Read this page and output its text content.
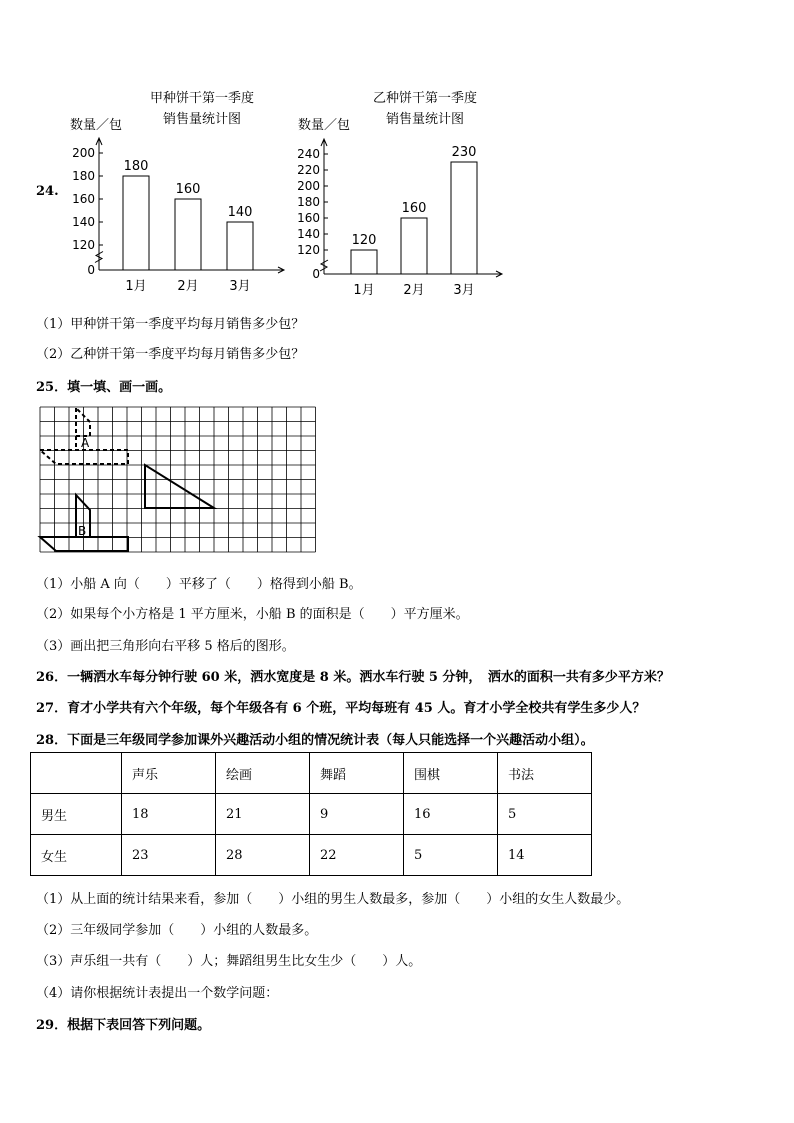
24.
甲种饼干第一季度
销售量统计图
数量／包
200
180
160
140
120
0
180
1月
160
2月
140
3月
乙种饼干第一季度
销售量统计图
数量／包
240
220
200
180
160
140
120
0
120
1月
160
2月
230
3月
（1）甲种饼干第一季度平均每月销售多少包？
（2）乙种饼干第一季度平均每月销售多少包？
25．填一填、画一画。
A
B
（1）小船 A 向（　　）平移了（　　）格得到小船 B。
（2）如果每个小方格是 1 平方厘米，小船 B 的面积是（　　）平方厘米。
（3）画出把三角形向右平移 5 格后的图形。
26．一辆洒水车每分钟行驶 60 米，洒水宽度是 8 米。洒水车行驶 5 分钟，　洒水的面积一共有多少平方米？
27．育才小学共有六个年级，每个年级各有 6 个班，平均每班有 45 人。育才小学全校共有学生多少人？
28．下面是三年级同学参加课外兴趣活动小组的情况统计表（每人只能选择一个兴趣活动小组）。
	声乐	绘画	舞蹈	围棋	书法
男生	18	21	9	16	5
女生	23	28	22	5	14
（1）从上面的统计结果来看，参加（　　）小组的男生人数最多，参加（　　）小组的女生人数最少。
（2）三年级同学参加（　　）小组的人数最多。
（3）声乐组一共有（　　）人；舞蹈组男生比女生少（　　）人。
（4）请你根据统计表提出一个数学问题：
29．根据下表回答下列问题。
